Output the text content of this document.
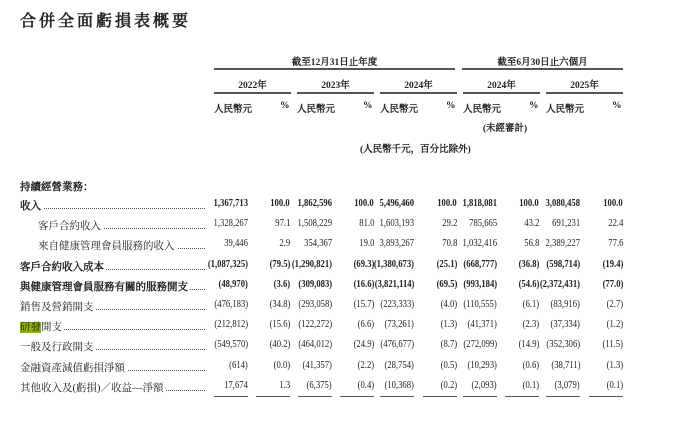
合併全面虧損表概要
截至12月31日止年度	截至6月30日止六個月
2022年
人民幣元	%
2023年
人民幣元	%
2024年
人民幣元	%
2024年
人民幣元	%
2025年
人民幣元	%
(未經審計)
(人民幣千元，百分比除外)
持續經營業務：
收入	1,367,713 100.0 1,862,596 100.0 5,496,460 100.0 1,818,081 100.0 3,080,458 100.0
客戶合約收入	1,328,267	97.1 1,508,229	81.0 1,603,193	29.2 785,665	43.2 691,231	22.4
來自健康管理會員服務的收入	39,446	2.9 354,367	19.0 3,893,267	70.8 1,032,416	56.8 2,389,227	77.6
客戶合約收入成本	(1,087,325) (79.5) (1,290,821) (69.3) (1,380,673) (25.1) (668,777) (36.8) (598,714) (19.4)
與健康管理會員服務有關的服務開支	(48,970) (3.6) (309,083) (16.6) (3,821,114) (69.5) (993,184) (54.6) (2,372,431) (77.0)
銷售及營銷開支	(476,183) (34.8) (293,058) (15.7) (223,333)	(4.0) (110,555) (6.1) (83,916)	(2.7)
研發開支	(212,812) (15.6) (122,272) (6.6) (73,261)	(1.3) (41,371) (2.3) (37,334)	(1.2)
一般及行政開支	(549,570) (40.2) (464,012) (24.9) (476,677)	(8.7) (272,099) (14.9) (352,306) (11.5)
金融資產減值虧損淨額	(614) (0.0) (41,357) (2.2) (28,754)	(0.5) (10,293) (0.6) (38,711)	(1.3)
其他收入及(虧損)／收益—淨額	17,674	1.3 (6,375) (0.4) (10,368)	(0.2) (2,093) (0.1) (3,079)	(0.1)
